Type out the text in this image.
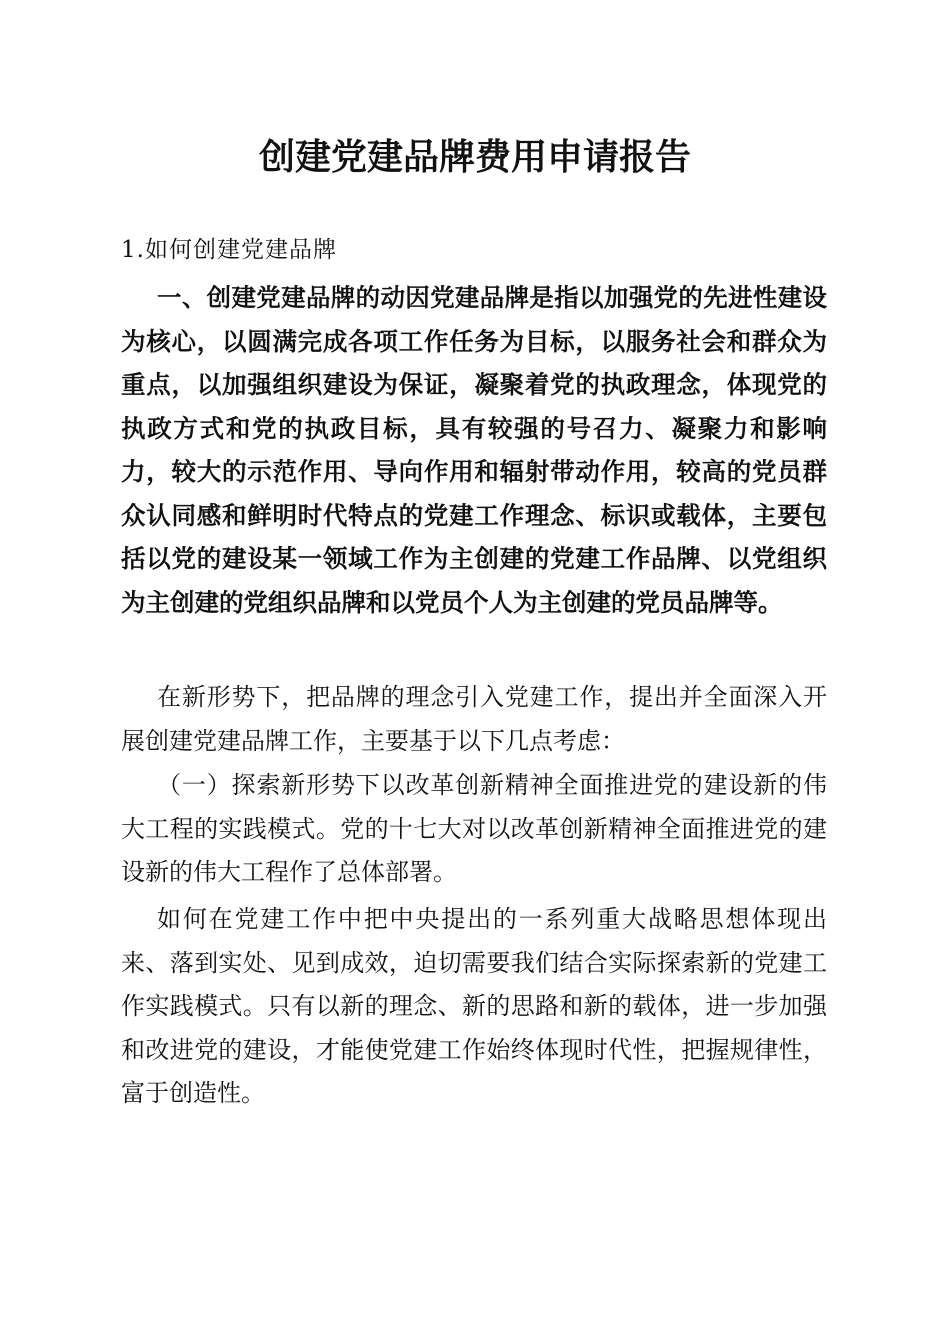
创建党建品牌费用申请报告

1.如何创建党建品牌

一、创建党建品牌的动因党建品牌是指以加强党的先进性建设为核心，以圆满完成各项工作任务为目标，以服务社会和群众为重点，以加强组织建设为保证，凝聚着党的执政理念，体现党的执政方式和党的执政目标，具有较强的号召力、凝聚力和影响力，较大的示范作用、导向作用和辐射带动作用，较高的党员群众认同感和鲜明时代特点的党建工作理念、标识或载体，主要包括以党的建设某一领域工作为主创建的党建工作品牌、以党组织为主创建的党组织品牌和以党员个人为主创建的党员品牌等。

在新形势下，把品牌的理念引入党建工作，提出并全面深入开展创建党建品牌工作，主要基于以下几点考虑：

（一）探索新形势下以改革创新精神全面推进党的建设新的伟大工程的实践模式。党的十七大对以改革创新精神全面推进党的建设新的伟大工程作了总体部署。

如何在党建工作中把中央提出的一系列重大战略思想体现出来、落到实处、见到成效，迫切需要我们结合实际探索新的党建工作实践模式。只有以新的理念、新的思路和新的载体，进一步加强和改进党的建设，才能使党建工作始终体现时代性，把握规律性，富于创造性。
